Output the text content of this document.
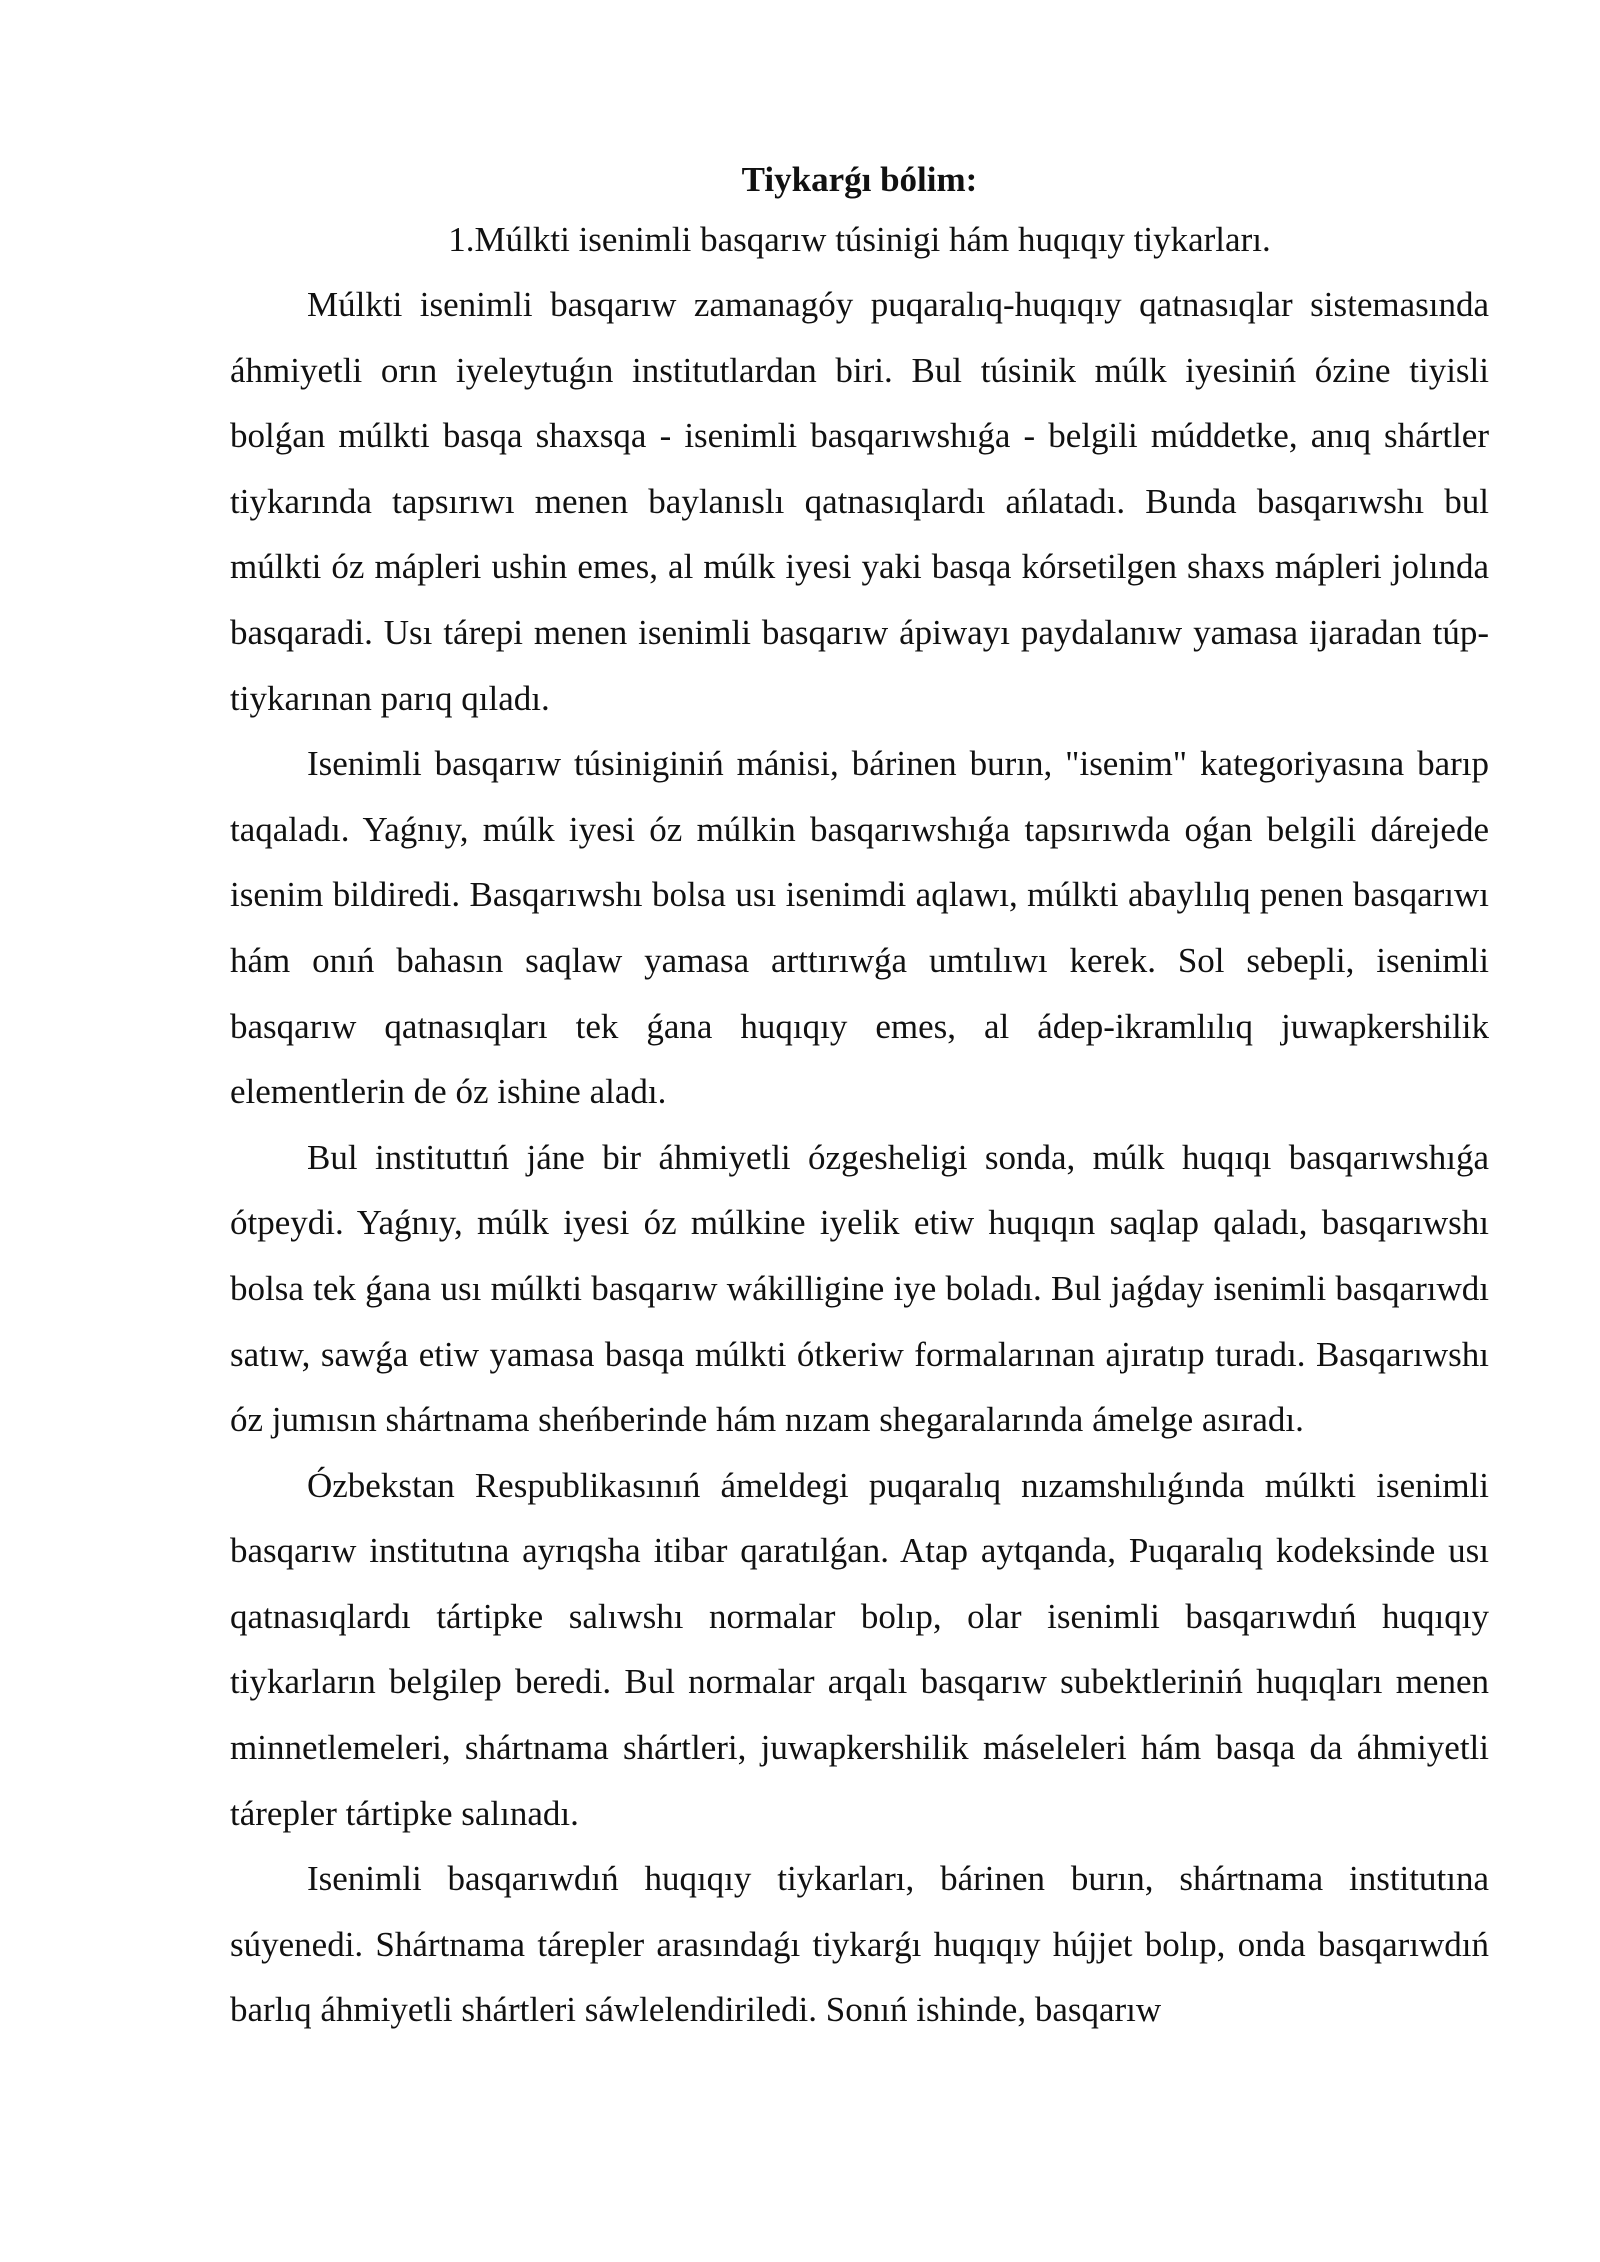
Tiykarǵı bólim:
1.Múlkti isenimli basqarıw túsinigi hám huqıqıy tiykarları.

Múlkti isenimli basqarıw zamanagóy puqaralıq-huqıqıy qatnasıqlar sistemasında áhmiyetli orın iyeleytuǵın institutlardan biri. Bul túsinik múlk iyesiniń ózine tiyisli bolǵan múlkti basqa shaxsqa - isenimli basqarıwshıǵa - belgili múddetke, anıq shártler tiykarında tapsırıwı menen baylanıslı qatnasıqlardı ańlatadı. Bunda basqarıwshı bul múlkti óz mápleri ushin emes, al múlk iyesi yaki basqa kórsetilgen shaxs mápleri jolında basqaradi. Usı tárepi menen isenimli basqarıw ápiwayı paydalanıw yamasa ijaradan túp-tiykarınan parıq qıladı.

Isenimli basqarıw túsiniginiń mánisi, bárinen burın, "isenim" kategoriyasına barıp taqaladı. Yaǵnıy, múlk iyesi óz múlkin basqarıwshıǵa tapsırıwda oǵan belgili dárejede isenim bildiredi. Basqarıwshı bolsa usı isenimdi aqlawı, múlkti abaylılıq penen basqarıwı hám onıń bahasın saqlaw yamasa arttırıwǵa umtılıwı kerek. Sol sebepli, isenimli basqarıw qatnasıqları tek ǵana huqıqıy emes, al ádep-ikramlılıq juwapkershilik elementlerin de óz ishine aladı.

Bul instituttıń jáne bir áhmiyetli ózgesheligi sonda, múlk huqıqı basqarıwshıǵa ótpeydi. Yaǵnıy, múlk iyesi óz múlkine iyelik etiw huqıqın saqlap qaladı, basqarıwshı bolsa tek ǵana usı múlkti basqarıw wákilligine iye boladı. Bul jaǵday isenimli basqarıwdı satıw, sawǵa etiw yamasa basqa múlkti ótkeriw formalarınan ajıratıp turadı. Basqarıwshı óz jumısın shártnama sheńberinde hám nızam shegaralarında ámelge asıradı.

Ózbekstan Respublikasınıń ámeldegi puqaralıq nızamshılıǵında múlkti isenimli basqarıw institutına ayrıqsha itibar qaratılǵan. Atap aytqanda, Puqaralıq kodeksinde usı qatnasıqlardı tártipke salıwshı normalar bolıp, olar isenimli basqarıwdıń huqıqıy tiykarların belgilep beredi. Bul normalar arqalı basqarıw subektleriniń huqıqları menen minnetlemeleri, shártnama shártleri, juwapkershilik máseleleri hám basqa da áhmiyetli tárepler tártipke salınadı.

Isenimli basqarıwdıń huqıqıy tiykarları, bárinen burın, shártnama institutına súyenedi. Shártnama tárepler arasındaǵı tiykarǵı huqıqıy hújjet bolıp, onda basqarıwdıń barlıq áhmiyetli shártleri sáwlelendiriledi. Sonıń ishinde, basqarıw
